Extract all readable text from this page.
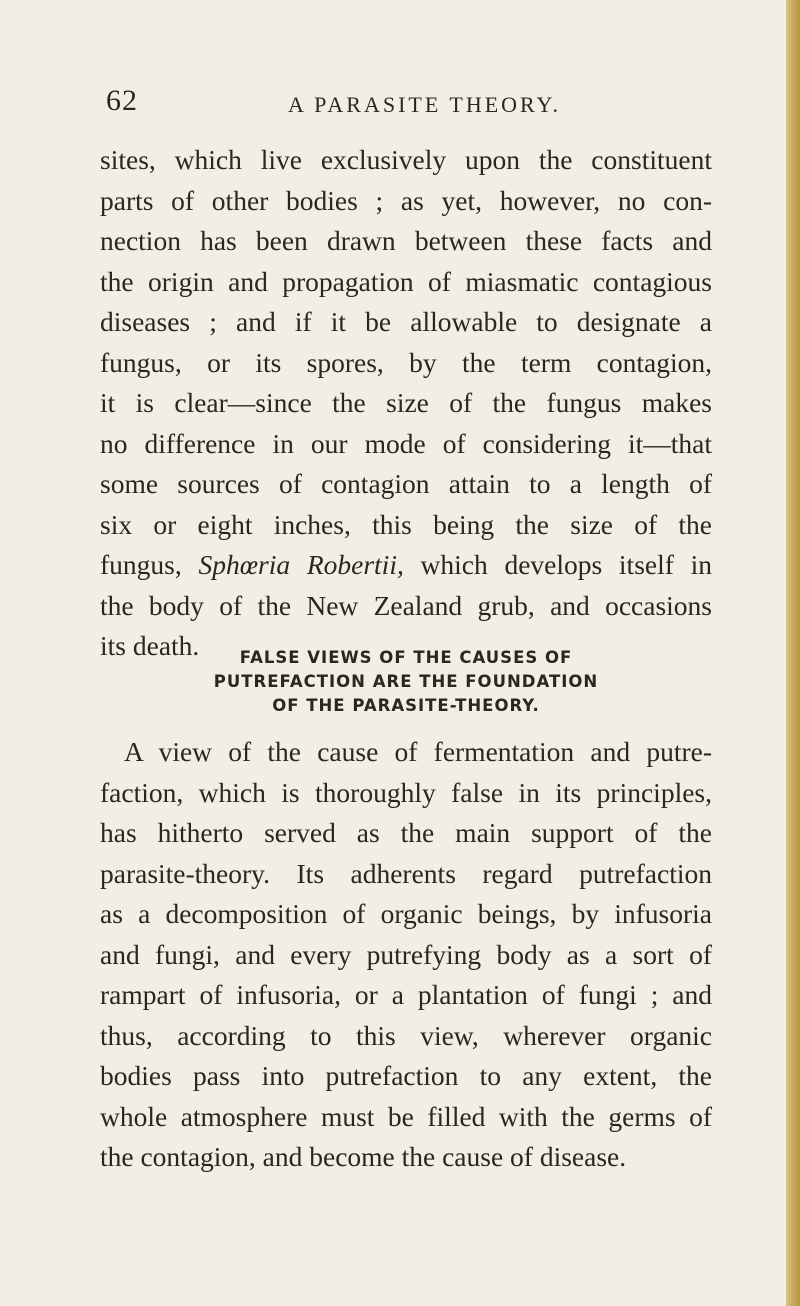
62	A PARASITE THEORY.
sites, which live exclusively upon the constituent
parts of other bodies ; as yet, however, no con-
nection has been drawn between these facts and
the origin and propagation of miasmatic contagious
diseases ; and if it be allowable to designate a
fungus, or its spores, by the term contagion,
it is clear—since the size of the fungus makes
no difference in our mode of considering it—that
some sources of contagion attain to a length of
six or eight inches, this being the size of the
fungus, Sphœria Robertii, which develops itself in
the body of the New Zealand grub, and occasions
its death.	FALSE VIEWS OF THE CAUSES OF
PUTREFACTION ARE THE FOUNDATION
OF THE PARASITE-THEORY.
A view of the cause of fermentation and putre-
faction, which is thoroughly false in its principles,
has hitherto served as the main support of the
parasite-theory. Its adherents regard putrefaction
as a decomposition of organic beings, by infusoria
and fungi, and every putrefying body as a sort of
rampart of infusoria, or a plantation of fungi ; and
thus, according to this view, wherever organic
bodies pass into putrefaction to any extent, the
whole atmosphere must be filled with the germs of
the contagion, and become the cause of disease.
